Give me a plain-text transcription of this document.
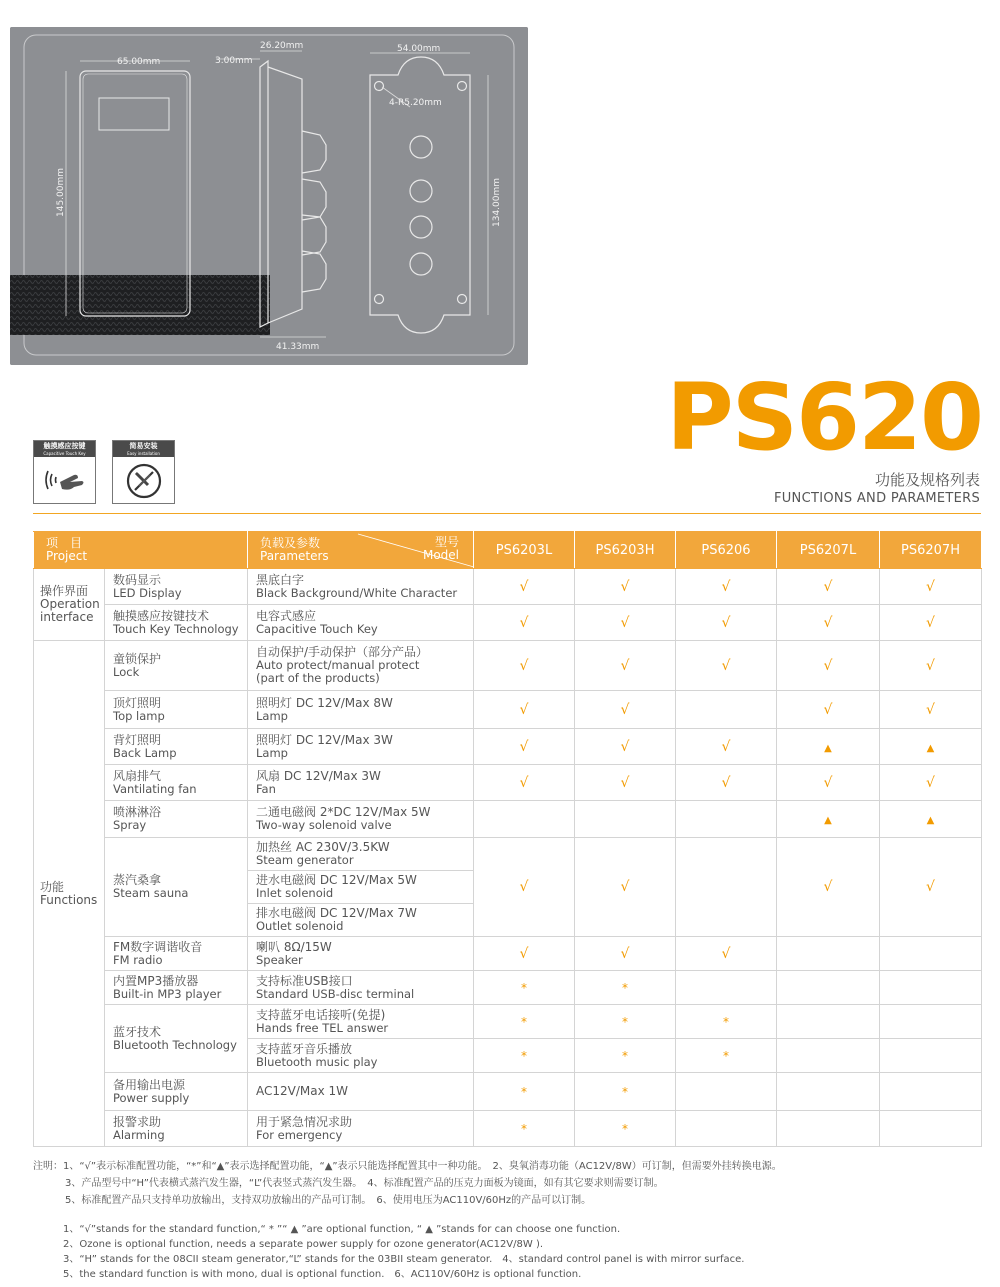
65.00mm
145.00mm
26.20mm
3.00mm
41.33mm
54.00mm
134.00mm
4-R5.20mm
触摸感应按键
Capacitive Touch Key
简易安装
Easy installation	PS620
功能及规格列表
FUNCTIONS AND PARAMETERS
项　目
Project		负载及参数
Parameters
型号
Model	PS6203L	PS6203H	PS6206	PS6207L	PS6207H
操作界面
Operation
interface	数码显示
LED Display	黑底白字
Black Background/White Character	√	√	√	√	√
	触摸感应按键技术
Touch Key Technology	电容式感应
Capacitive Touch Key	√	√	√	√	√
功能
Functions	童锁保护
Lock	自动保护/手动保护（部分产品）
Auto protect/manual protect
(part of the products)	√	√	√	√	√
	顶灯照明
Top lamp	照明灯 DC 12V/Max 8W
Lamp	√	√		√	√
	背灯照明
Back Lamp	照明灯 DC 12V/Max 3W
Lamp	√	√	√	▲	▲
	风扇排气
Vantilating fan	风扇 DC 12V/Max 3W
Fan	√	√	√	√	√
	喷淋淋浴
Spray	二通电磁阀 2*DC 12V/Max 5W
Two-way solenoid valve				▲	▲
	蒸汽桑拿
Steam sauna	加热丝 AC 230V/3.5KW
Steam generator	√	√		√	√
		进水电磁阀 DC 12V/Max 5W
Inlet solenoid					
		排水电磁阀 DC 12V/Max 7W
Outlet solenoid					
	FM数字调谐收音
FM radio	喇叭 8Ω/15W
Speaker	√	√	√		
	内置MP3播放器
Built-in MP3 player	支持标准USB接口
Standard USB-disc terminal	*	*			
	蓝牙技术
Bluetooth Technology	支持蓝牙电话接听(免提)
Hands free TEL answer	*	*	*		
		支持蓝牙音乐播放
Bluetooth music play	*	*	*		
	备用输出电源
Power supply	AC12V/Max 1W	*	*			
	报警求助
Alarming	用于紧急情况求助
For emergency	*	*			
注明：1、“√”表示标准配置功能，“*”和“▲”表示选择配置功能，“▲”表示只能选择配置其中一种功能。　2、臭氧消毒功能（AC12V/8W）可订制，但需要外挂转换电源。
3、产品型号中“H”代表横式蒸汽发生器，“L”代表竖式蒸汽发生器。　4、标准配置产品的压克力面板为镜面，如有其它要求则需要订制。
5、标准配置产品只支持单功放输出，支持双功放输出的产品可订制。　6、使用电压为AC110V/60Hz的产品可以订制。
1、“√”stands for the standard function,“ * ”“ ▲ ”are optional function, “ ▲ ”stands for can choose one function.
2、Ozone is optional function, needs a separate power supply for ozone generator(AC12V/8W ).
3、“H” stands for the 08CII steam generator,“L” stands for the 03BII steam generator.　4、standard control panel is with mirror surface.
5、the standard function is with mono, dual is optional function.　6、AC110V/60Hz is optional function.
